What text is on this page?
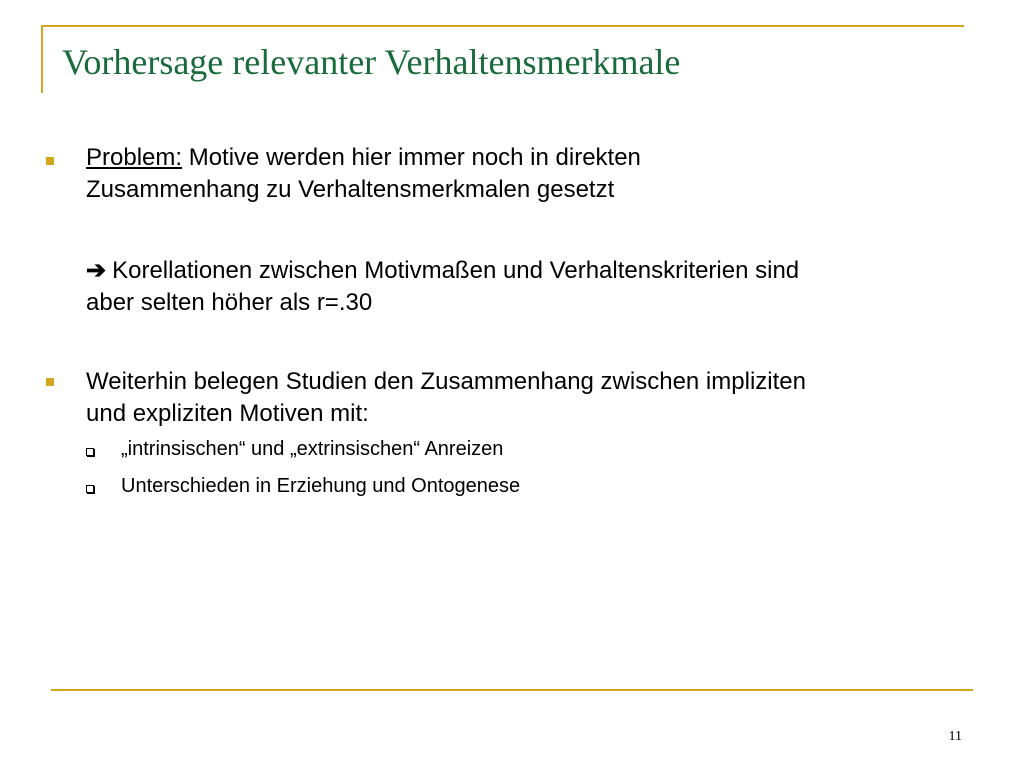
Vorhersage relevanter Verhaltensmerkmale
Problem: Motive werden hier immer noch in direkten
Zusammenhang zu Verhaltensmerkmalen gesetzt
➔ Korellationen zwischen Motivmaßen und Verhaltenskriterien sind
aber selten höher als r=.30
Weiterhin belegen Studien den Zusammenhang zwischen impliziten
und expliziten Motiven mit:
„intrinsischen“ und „extrinsischen“ Anreizen
Unterschieden in Erziehung und Ontogenese
11
